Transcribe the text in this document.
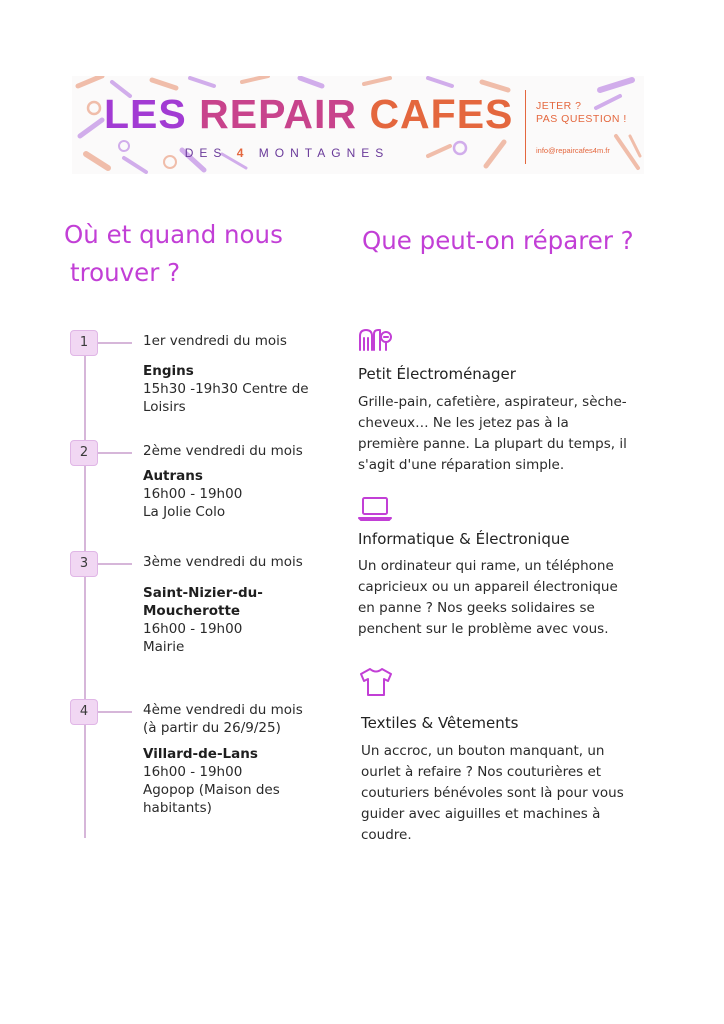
LES REPAIR CAFES
DES 4 MONTAGNES
JETER ?
PAS QUESTION !
info@repaircafes4m.fr
Où et quand nous
trouver ?
Que peut-on réparer ?
1	1er vendredi du mois
Engins
15h30 -19h30 Centre de Loisirs
2	2ème vendredi du mois
Autrans
16h00 - 19h00
La Jolie Colo
3	3ème vendredi du mois
Saint-Nizier-du-Moucherotte
16h00 - 19h00
Mairie
4	4ème vendredi du mois
(à partir du 26/9/25)
Villard-de-Lans
16h00 - 19h00
Agopop (Maison des habitants)
Petit Électroménager
Grille-pain, cafetière, aspirateur, sèche-cheveux… Ne les jetez pas à la première panne. La plupart du temps, il s'agit d'une réparation simple.
Informatique & Électronique
Un ordinateur qui rame, un téléphone capricieux ou un appareil électronique en panne ? Nos geeks solidaires se penchent sur le problème avec vous.
Textiles & Vêtements
Un accroc, un bouton manquant, un ourlet à refaire ? Nos couturières et couturiers bénévoles sont là pour vous guider avec aiguilles et machines à coudre.
